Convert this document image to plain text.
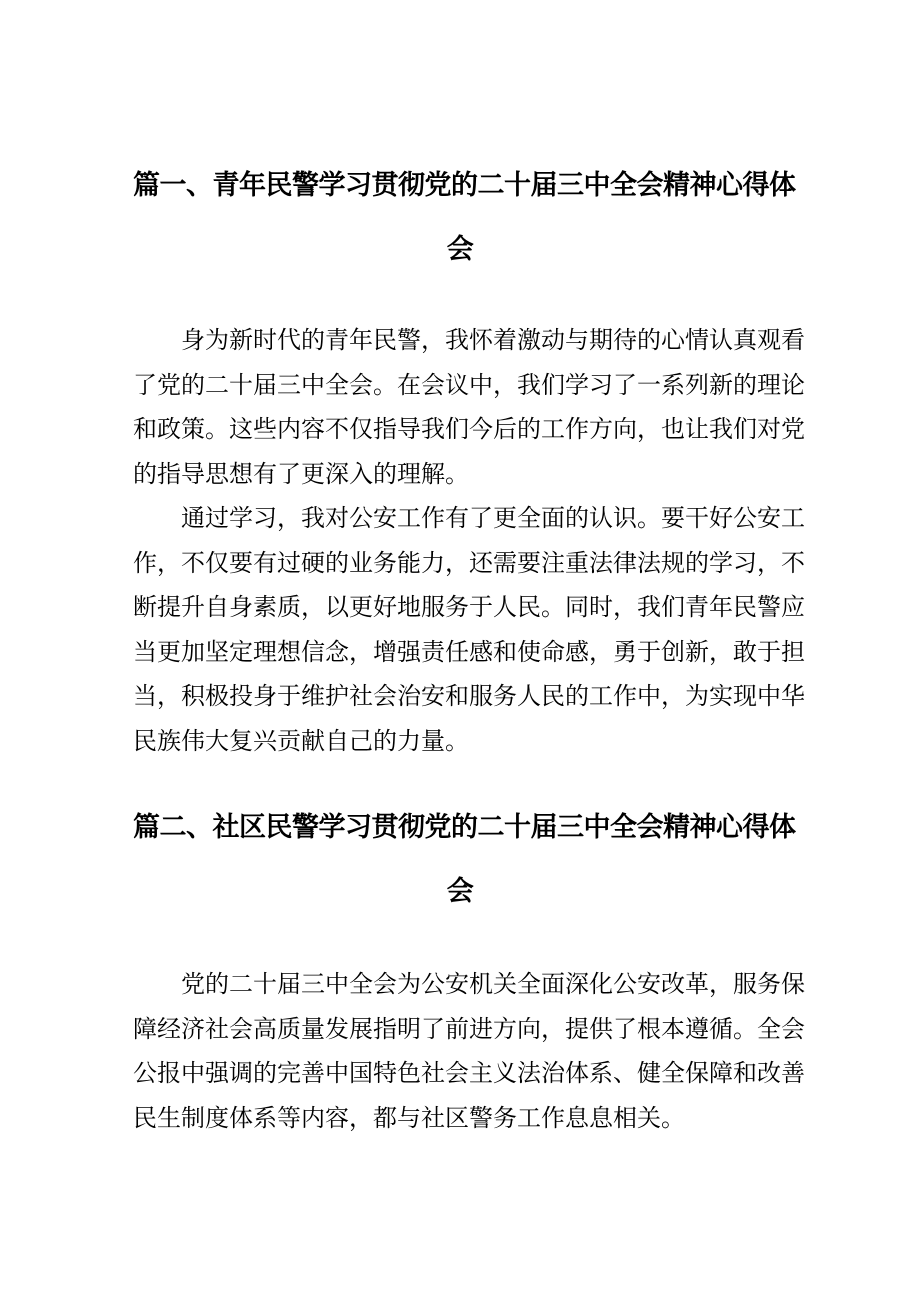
篇一、青年民警学习贯彻党的二十届三中全会精神心得体
会

身为新时代的青年民警，我怀着激动与期待的心情认真观看
了党的二十届三中全会。在会议中，我们学习了一系列新的理论
和政策。这些内容不仅指导我们今后的工作方向，也让我们对党
的指导思想有了更深入的理解。

通过学习，我对公安工作有了更全面的认识。要干好公安工
作，不仅要有过硬的业务能力，还需要注重法律法规的学习，不
断提升自身素质，以更好地服务于人民。同时，我们青年民警应
当更加坚定理想信念，增强责任感和使命感，勇于创新，敢于担
当，积极投身于维护社会治安和服务人民的工作中，为实现中华
民族伟大复兴贡献自己的力量。

篇二、社区民警学习贯彻党的二十届三中全会精神心得体
会

党的二十届三中全会为公安机关全面深化公安改革，服务保
障经济社会高质量发展指明了前进方向，提供了根本遵循。全会
公报中强调的完善中国特色社会主义法治体系、健全保障和改善
民生制度体系等内容，都与社区警务工作息息相关。
